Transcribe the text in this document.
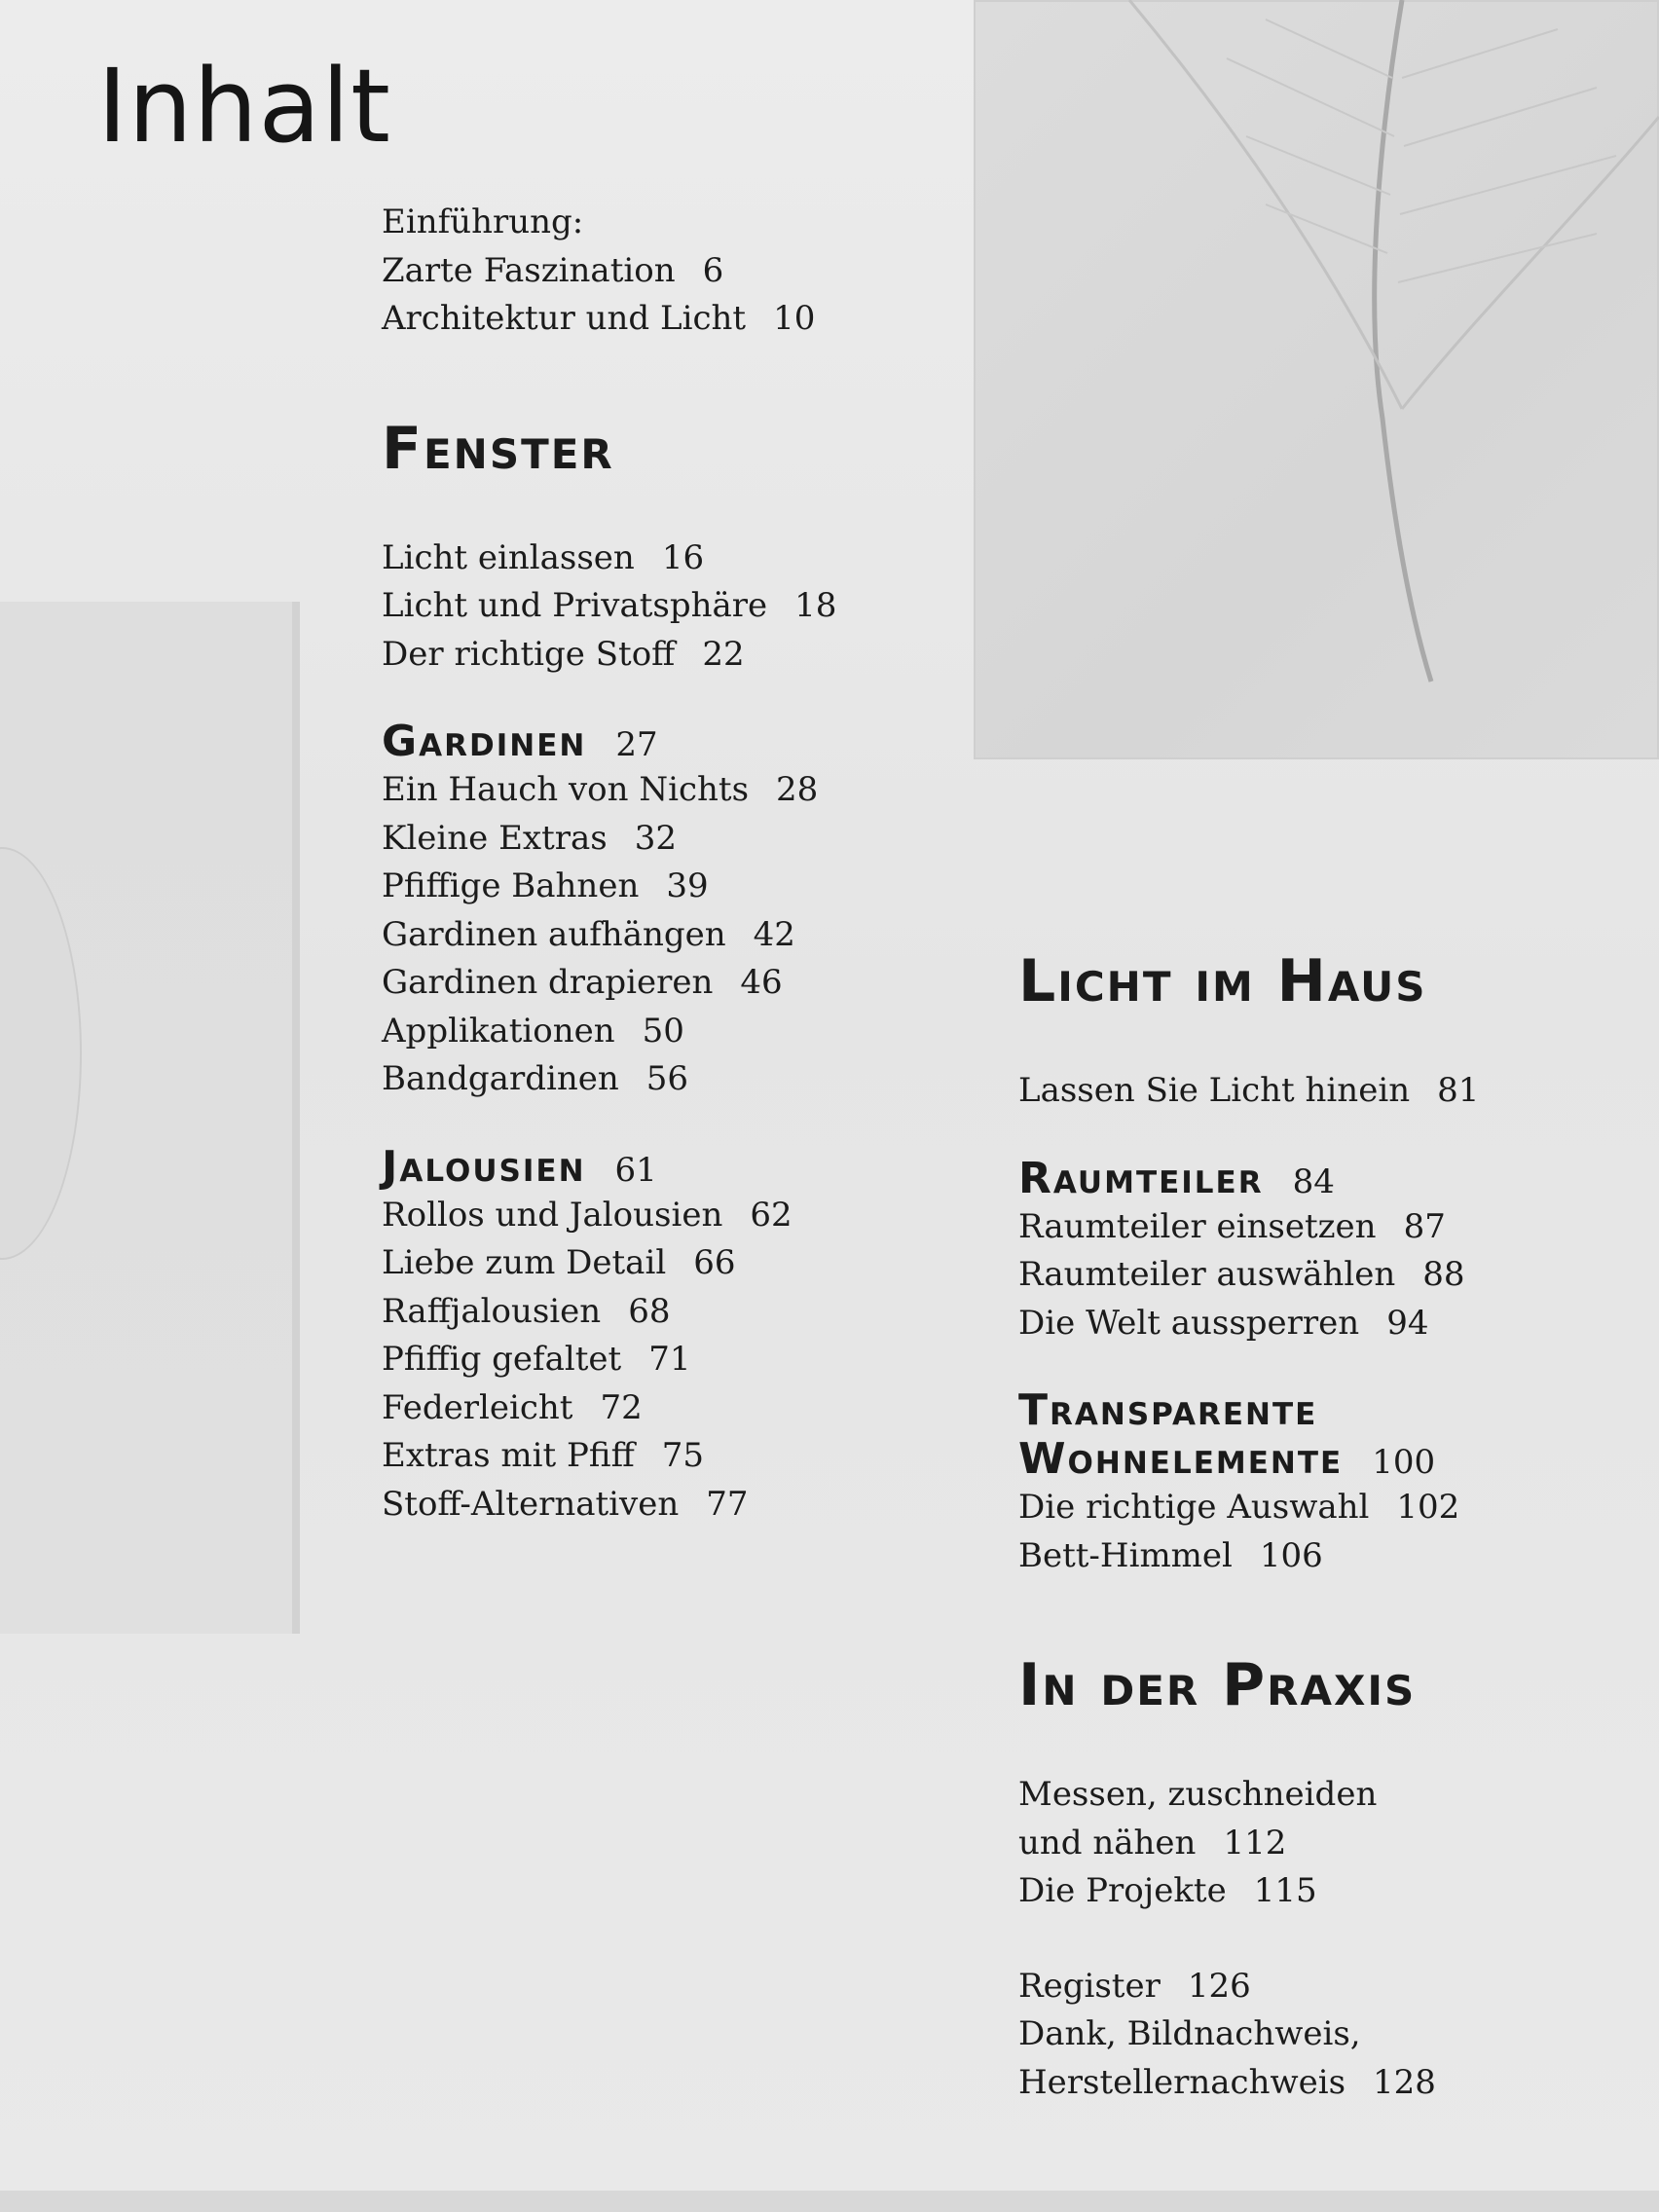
Inhalt
Einführung:
Zarte Faszination 6
Architektur und Licht 10
Fenster
Licht einlassen 16
Licht und Privatsphäre 18
Der richtige Stoff 22
Gardinen 27
Ein Hauch von Nichts 28
Kleine Extras 32
Pfiffige Bahnen 39
Gardinen aufhängen 42
Gardinen drapieren 46
Applikationen 50
Bandgardinen 56
Jalousien 61
Rollos und Jalousien 62
Liebe zum Detail 66
Raffjalousien 68
Pfiffig gefaltet 71
Federleicht 72
Extras mit Pfiff 75
Stoff-Alternativen 77
Licht im Haus
Lassen Sie Licht hinein 81
Raumteiler 84
Raumteiler einsetzen 87
Raumteiler auswählen 88
Die Welt aussperren 94
Transparente
Wohnelemente 100
Die richtige Auswahl 102
Bett-Himmel 106
In der Praxis
Messen, zuschneiden
und nähen 112
Die Projekte 115
Register 126
Dank, Bildnachweis,
Herstellernachweis 128
